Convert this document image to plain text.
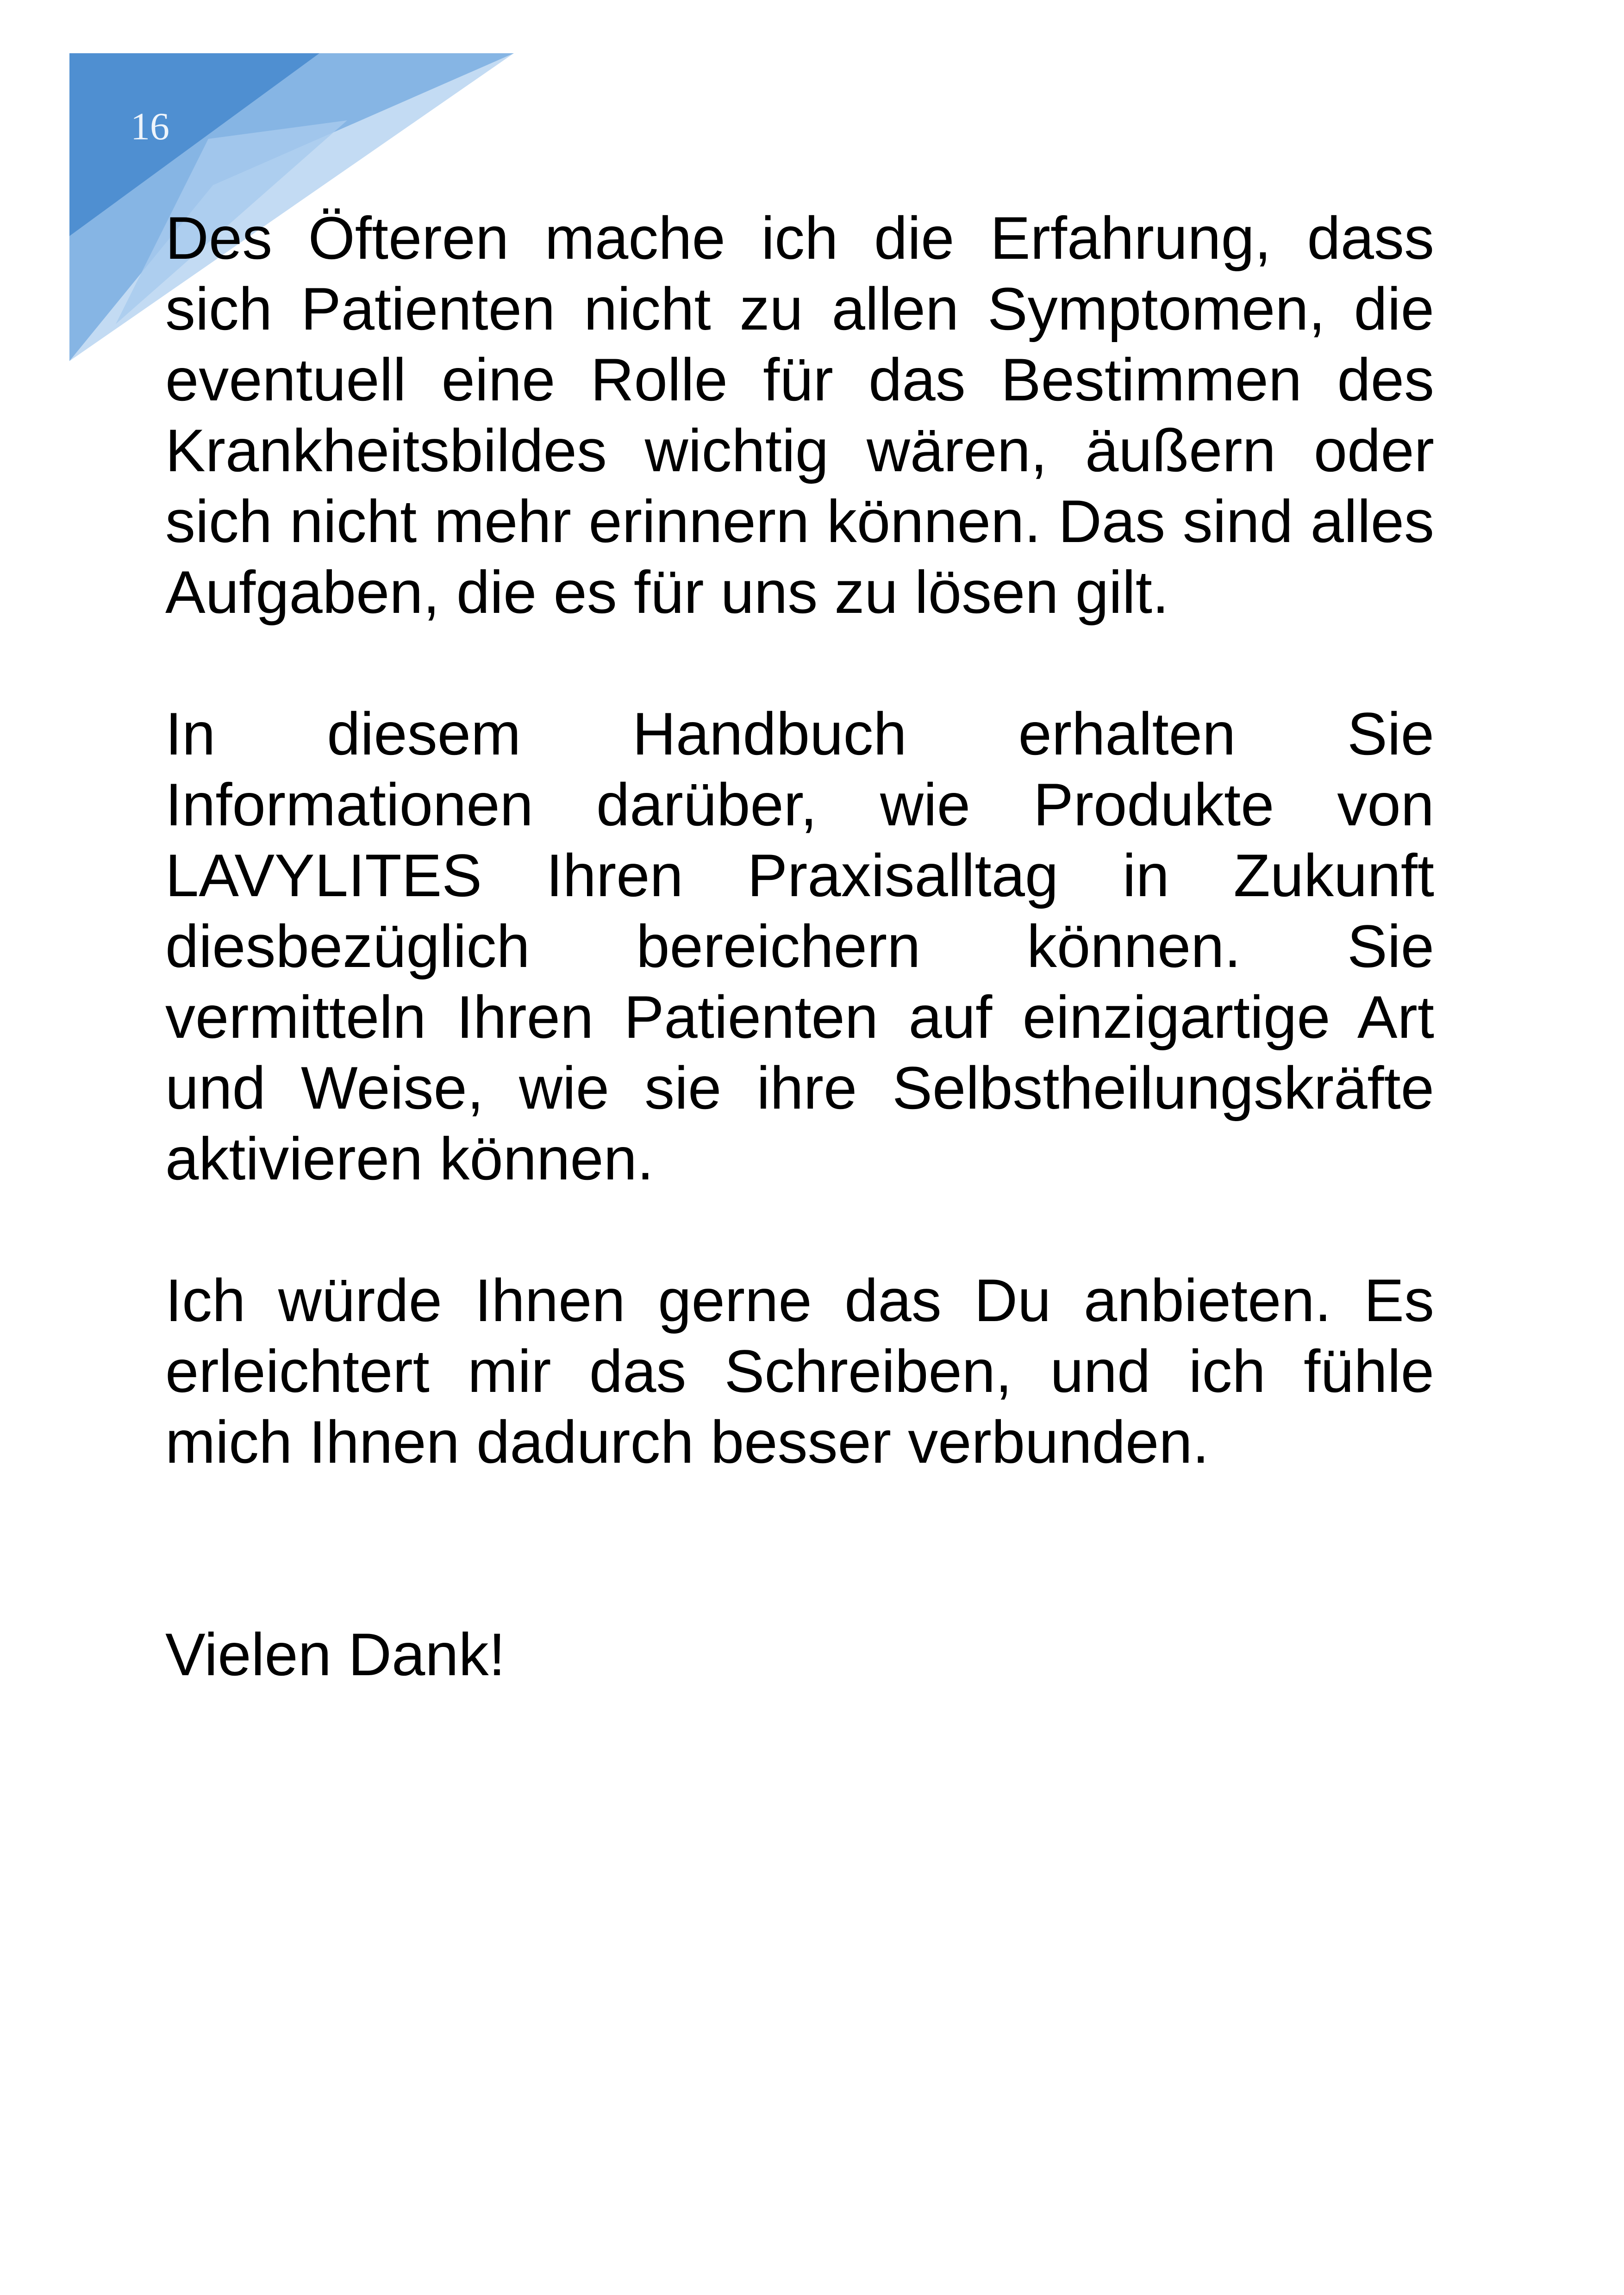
16

Des Öfteren mache ich die Erfahrung, dass sich Patienten nicht zu allen Symptomen, die eventuell eine Rolle für das Bestimmen des Krankheitsbildes wichtig wären, äußern oder sich nicht mehr erinnern können. Das sind alles Aufgaben, die es für uns zu lösen gilt.

In diesem Handbuch erhalten Sie Informationen darüber, wie Produkte von LAVYLITES Ihren Praxisalltag in Zukunft diesbezüglich bereichern können. Sie vermitteln Ihren Patienten auf einzigartige Art und Weise, wie sie ihre Selbstheilungskräfte aktivieren können.

Ich würde Ihnen gerne das Du anbieten. Es erleichtert mir das Schreiben, und ich fühle mich Ihnen dadurch besser verbunden.

Vielen Dank!
